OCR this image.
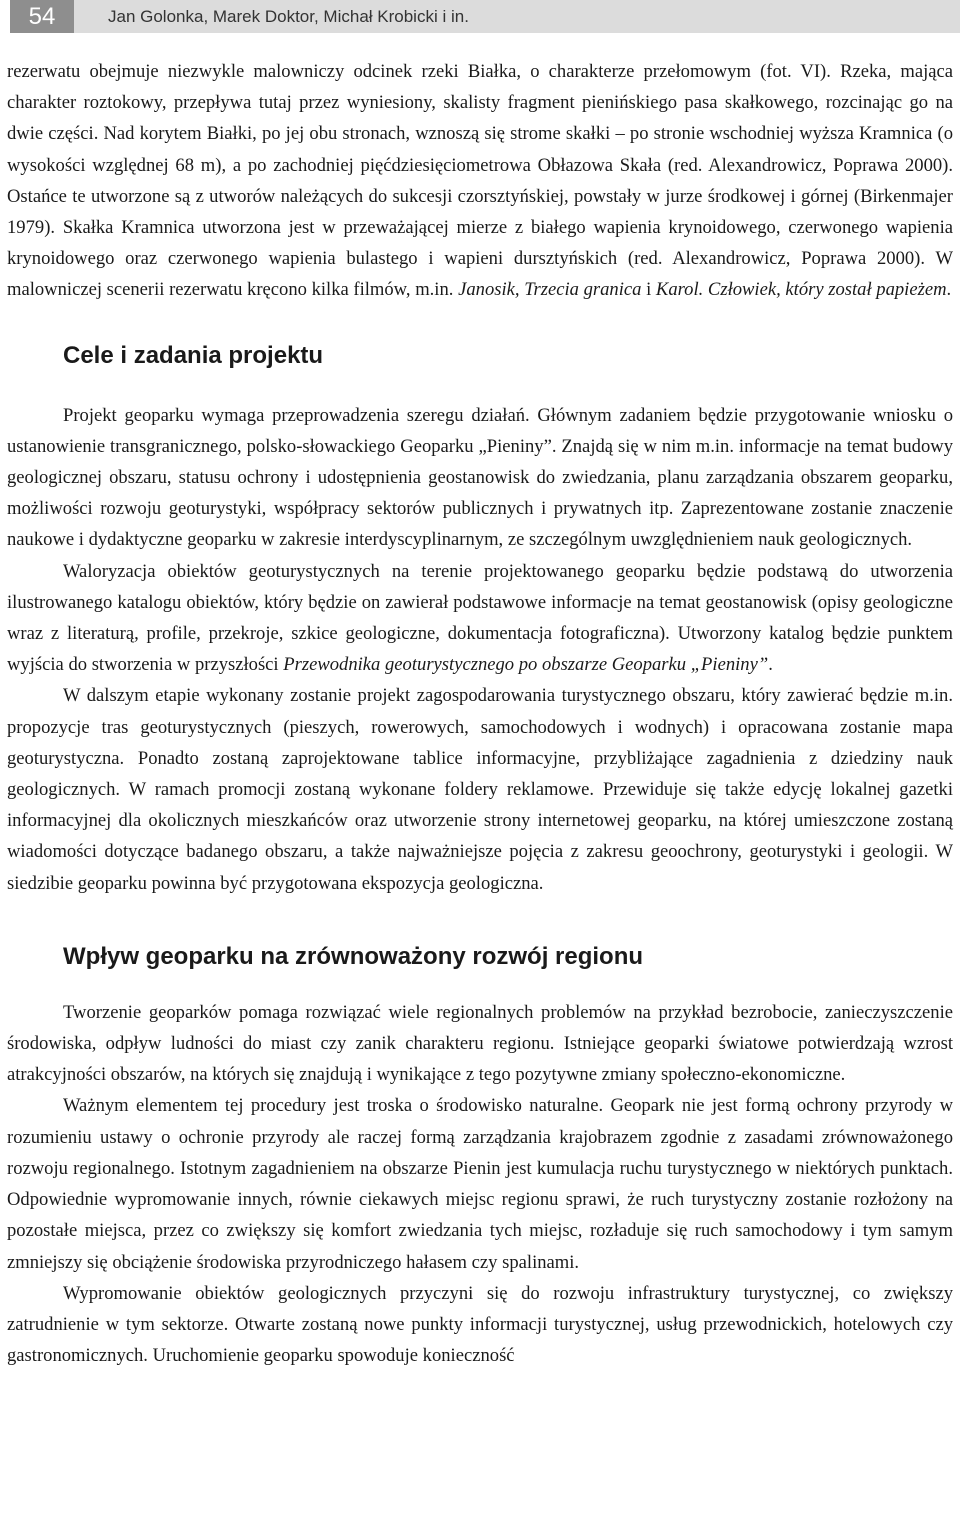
54	Jan Golonka, Marek Doktor, Michał Krobicki i in.

rezerwatu obejmuje niezwykle malowniczy odcinek rzeki Białka, o charakterze przełomowym (fot. VI). Rzeka, mająca charakter roztokowy, przepływa tutaj przez wyniesiony, skalisty fragment pienińskiego pasa skałkowego, rozcinając go na dwie części. Nad korytem Białki, po jej obu stronach, wznoszą się strome skałki – po stronie wschodniej wyższa Kramnica (o wysokości względnej 68 m), a po zachodniej pięćdziesięciometrowa Obłazowa Skała (red. Alexandrowicz, Poprawa 2000). Ostańce te utworzone są z utworów należących do sukcesji czorsztyńskiej, powstały w jurze środkowej i górnej (Birkenmajer 1979). Skałka Kramnica utworzona jest w przeważającej mierze z białego wapienia krynoidowego, czerwonego wapienia krynoidowego oraz czerwonego wapienia bulastego i wapieni dursztyńskich (red. Alexandrowicz, Poprawa 2000). W malowniczej scenerii rezerwatu kręcono kilka filmów, m.in. Janosik, Trzecia granica i Karol. Człowiek, który został papieżem.

Cele i zadania projektu

Projekt geoparku wymaga przeprowadzenia szeregu działań. Głównym zadaniem będzie przygotowanie wniosku o ustanowienie transgranicznego, polsko-słowackiego Geoparku „Pieniny”. Znajdą się w nim m.in. informacje na temat budowy geologicznej obszaru, statusu ochrony i udostępnienia geostanowisk do zwiedzania, planu zarządzania obszarem geoparku, możliwości rozwoju geoturystyki, współpracy sektorów publicznych i prywatnych itp. Zaprezentowane zostanie znaczenie naukowe i dydaktyczne geoparku w zakresie interdyscyplinarnym, ze szczególnym uwzględnieniem nauk geologicznych.

Waloryzacja obiektów geoturystycznych na terenie projektowanego geoparku będzie podstawą do utworzenia ilustrowanego katalogu obiektów, który będzie on zawierał podstawowe informacje na temat geostanowisk (opisy geologiczne wraz z literaturą, profile, przekroje, szkice geologiczne, dokumentacja fotograficzna). Utworzony katalog będzie punktem wyjścia do stworzenia w przyszłości Przewodnika geoturystycznego po obszarze Geoparku „Pieniny”.

W dalszym etapie wykonany zostanie projekt zagospodarowania turystycznego obszaru, który zawierać będzie m.in. propozycje tras geoturystycznych (pieszych, rowerowych, samochodowych i wodnych) i opracowana zostanie mapa geoturystyczna. Ponadto zostaną zaprojektowane tablice informacyjne, przybliżające zagadnienia z dziedziny nauk geologicznych. W ramach promocji zostaną wykonane foldery reklamowe. Przewiduje się także edycję lokalnej gazetki informacyjnej dla okolicznych mieszkańców oraz utworzenie strony internetowej geoparku, na której umieszczone zostaną wiadomości dotyczące badanego obszaru, a także najważniejsze pojęcia z zakresu geoochrony, geoturystyki i geologii. W siedzibie geoparku powinna być przygotowana ekspozycja geologiczna.

Wpływ geoparku na zrównoważony rozwój regionu

Tworzenie geoparków pomaga rozwiązać wiele regionalnych problemów na przykład bezrobocie, zanieczyszczenie środowiska, odpływ ludności do miast czy zanik charakteru regionu. Istniejące geoparki światowe potwierdzają wzrost atrakcyjności obszarów, na których się znajdują i wynikające z tego pozytywne zmiany społeczno-ekonomiczne.

Ważnym elementem tej procedury jest troska o środowisko naturalne. Geopark nie jest formą ochrony przyrody w rozumieniu ustawy o ochronie przyrody ale raczej formą zarządzania krajobrazem zgodnie z zasadami zrównoważonego rozwoju regionalnego. Istotnym zagadnieniem na obszarze Pienin jest kumulacja ruchu turystycznego w niektórych punktach. Odpowiednie wypromowanie innych, równie ciekawych miejsc regionu sprawi, że ruch turystyczny zostanie rozłożony na pozostałe miejsca, przez co zwiększy się komfort zwiedzania tych miejsc, rozładuje się ruch samochodowy i tym samym zmniejszy się obciążenie środowiska przyrodniczego hałasem czy spalinami.

Wypromowanie obiektów geologicznych przyczyni się do rozwoju infrastruktury turystycznej, co zwiększy zatrudnienie w tym sektorze. Otwarte zostaną nowe punkty informacji turystycznej, usług przewodnickich, hotelowych czy gastronomicznych. Uruchomienie geoparku spowoduje konieczność
